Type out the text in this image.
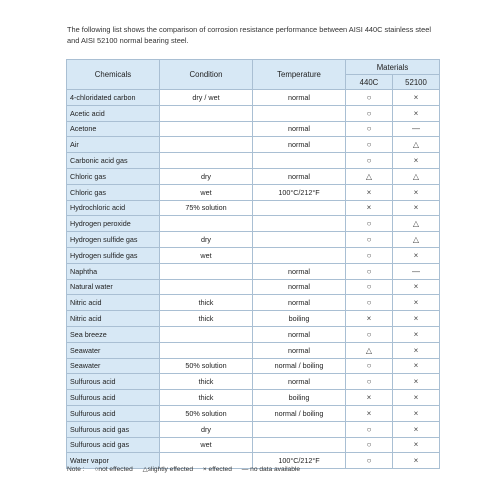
The following list shows the comparison of corrosion resistance performance between AISI 440C stainless steel and AISI 52100 normal bearing steel.
Chemicals	Condition	Temperature	Materials	
			440C	52100
4-chloridated carbon	dry / wet	normal	○	×
Acetic acid			○	×
Acetone		normal	○	—
Air		normal	○	△
Carbonic acid gas			○	×
Chloric gas	dry	normal	△	△
Chloric gas	wet	100°C/212°F	×	×
Hydrochloric acid	75% solution		×	×
Hydrogen peroxide			○	△
Hydrogen sulfide gas	dry		○	△
Hydrogen sulfide gas	wet		○	×
Naphtha		normal	○	—
Natural water		normal	○	×
Nitric acid	thick	normal	○	×
Nitric acid	thick	boiling	×	×
Sea breeze		normal	○	×
Seawater		normal	△	×
Seawater	50% solution	normal / boiling	○	×
Sulfurous acid	thick	normal	○	×
Sulfurous acid	thick	boiling	×	×
Sulfurous acid	50% solution	normal / boiling	×	×
Sulfurous acid gas	dry		○	×
Sulfurous acid gas	wet		○	×
Water vapor		100°C/212°F	○	×
Note : ○not effected △slightly effected × effected — no data available
